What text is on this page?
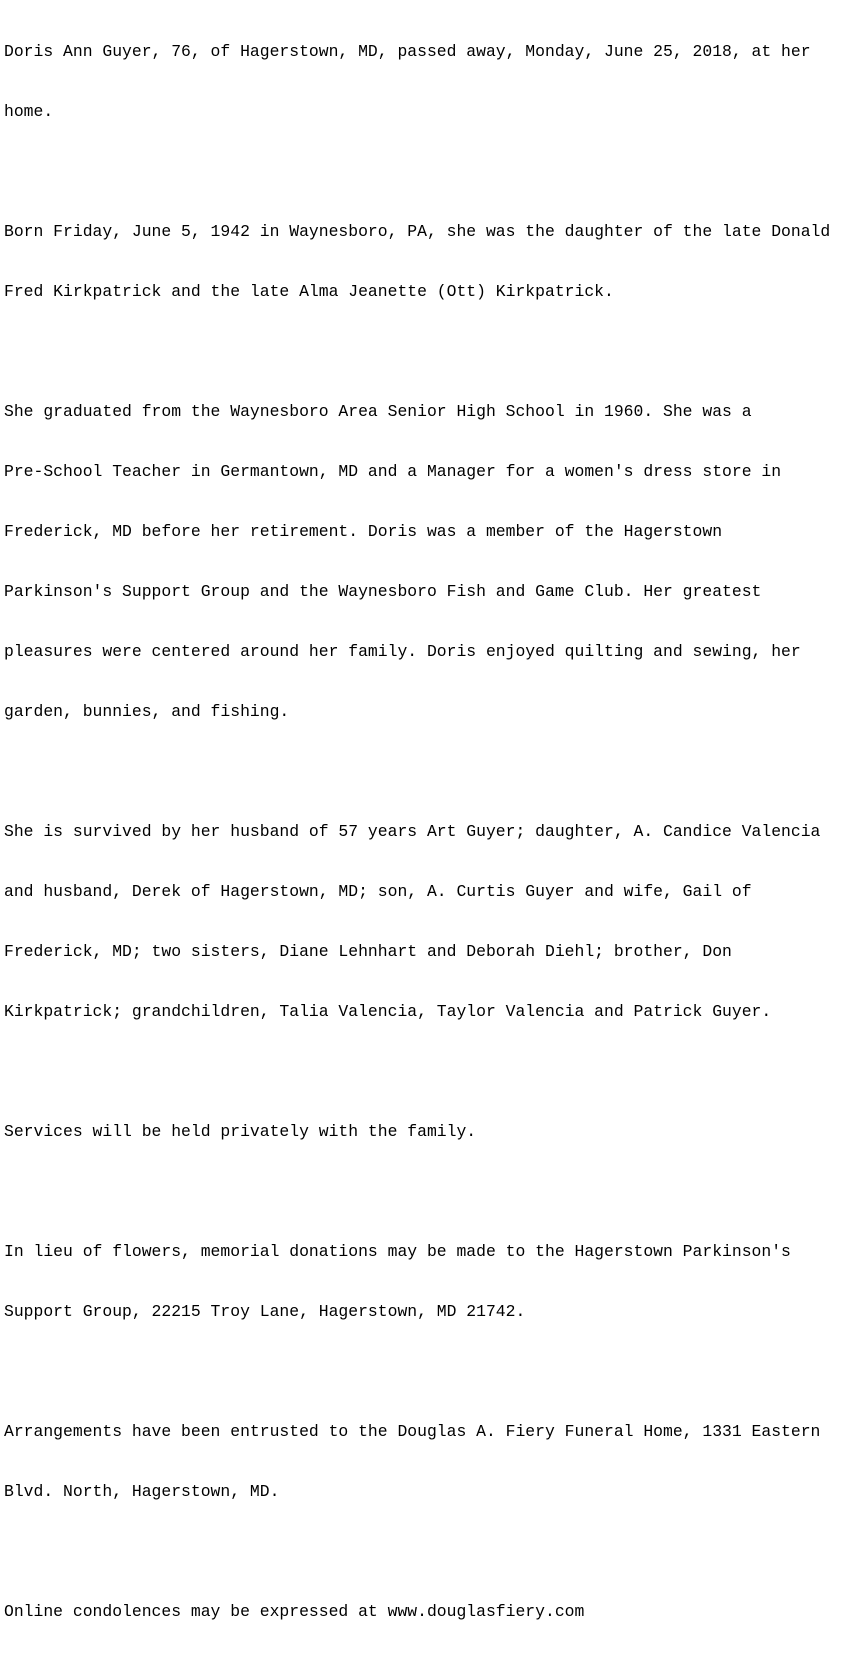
Doris Ann Guyer, 76, of Hagerstown, MD, passed away, Monday, June 25, 2018, at her

home.

Born Friday, June 5, 1942 in Waynesboro, PA, she was the daughter of the late Donald

Fred Kirkpatrick and the late Alma Jeanette (Ott) Kirkpatrick.

She graduated from the Waynesboro Area Senior High School in 1960. She was a

Pre-School Teacher in Germantown, MD and a Manager for a women's dress store in

Frederick, MD before her retirement. Doris was a member of the Hagerstown

Parkinson's Support Group and the Waynesboro Fish and Game Club. Her greatest

pleasures were centered around her family. Doris enjoyed quilting and sewing, her

garden, bunnies, and fishing.

She is survived by her husband of 57 years Art Guyer; daughter, A. Candice Valencia

and husband, Derek of Hagerstown, MD; son, A. Curtis Guyer and wife, Gail of

Frederick, MD; two sisters, Diane Lehnhart and Deborah Diehl; brother, Don

Kirkpatrick; grandchildren, Talia Valencia, Taylor Valencia and Patrick Guyer.

Services will be held privately with the family.

In lieu of flowers, memorial donations may be made to the Hagerstown Parkinson's

Support Group, 22215 Troy Lane, Hagerstown, MD 21742.

Arrangements have been entrusted to the Douglas A. Fiery Funeral Home, 1331 Eastern

Blvd. North, Hagerstown, MD.

Online condolences may be expressed at www.douglasfiery.com
